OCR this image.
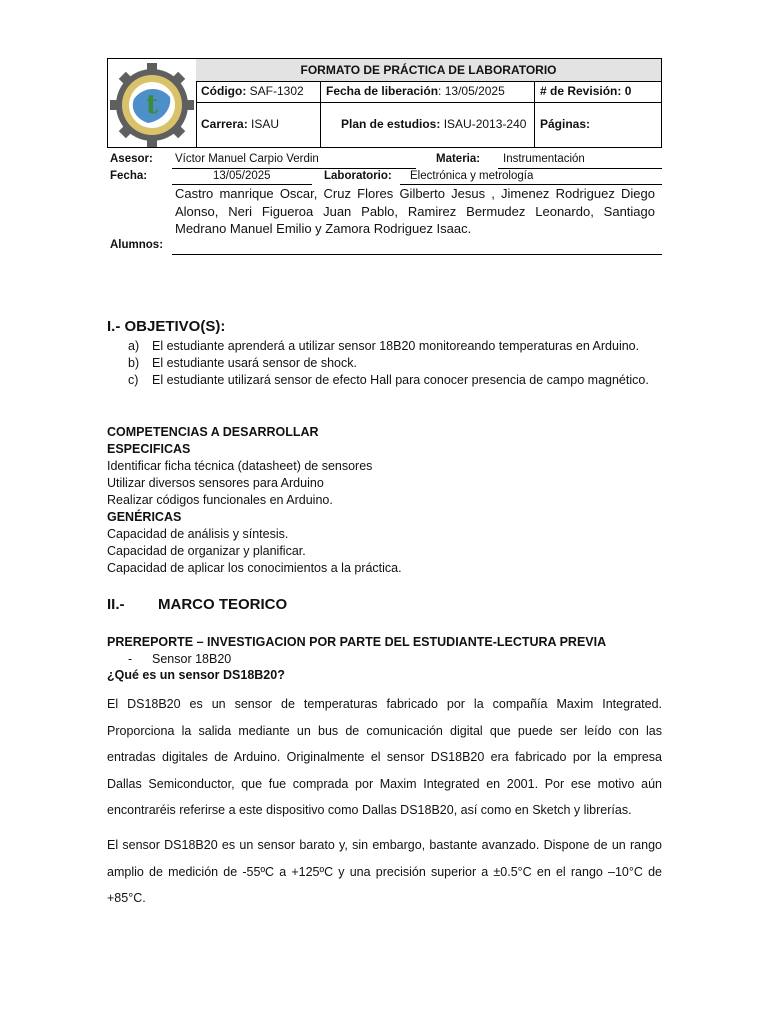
t
FORMATO DE PRÁCTICA DE LABORATORIO
Código: SAF-1302	Fecha de liberación: 13/05/2025	# de Revisión: 0
Carrera: ISAU	Plan de estudios: ISAU-2013-240	Páginas:
Asesor: Víctor Manuel Carpio Verdin	Materia: Instrumentación
Fecha:	13/05/2025	Laboratorio: Electrónica y metrología
Castro manrique Oscar, Cruz Flores Gilberto Jesus , Jimenez Rodriguez Diego Alonso, Neri Figueroa Juan Pablo, Ramirez Bermudez Leonardo, Santiago Medrano Manuel Emilio y Zamora Rodriguez Isaac.
Alumnos:
I.- OBJETIVO(S):
a) El estudiante aprenderá a utilizar sensor 18B20 monitoreando temperaturas en Arduino.
b) El estudiante usará sensor de shock.
c) El estudiante utilizará sensor de efecto Hall para conocer presencia de campo magnético.
COMPETENCIAS A DESARROLLAR
ESPECIFICAS
Identificar ficha técnica (datasheet) de sensores
Utilizar diversos sensores para Arduino
Realizar códigos funcionales en Arduino.
GENÉRICAS
Capacidad de análisis y síntesis.
Capacidad de organizar y planificar.
Capacidad de aplicar los conocimientos a la práctica.
II.- MARCO TEORICO
PREREPORTE – INVESTIGACION POR PARTE DEL ESTUDIANTE-LECTURA PREVIA
- Sensor 18B20
¿Qué es un sensor DS18B20?
El DS18B20 es un sensor de temperaturas fabricado por la compañía Maxim Integrated. Proporciona la salida mediante un bus de comunicación digital que puede ser leído con las entradas digitales de Arduino. Originalmente el sensor DS18B20 era fabricado por la empresa Dallas Semiconductor, que fue comprada por Maxim Integrated en 2001. Por ese motivo aún encontraréis referirse a este dispositivo como Dallas DS18B20, así como en Sketch y librerías.
El sensor DS18B20 es un sensor barato y, sin embargo, bastante avanzado. Dispone de un rango amplio de medición de -55ºC a +125ºC y una precisión superior a ±0.5°C en el rango –10°C de +85°C.
